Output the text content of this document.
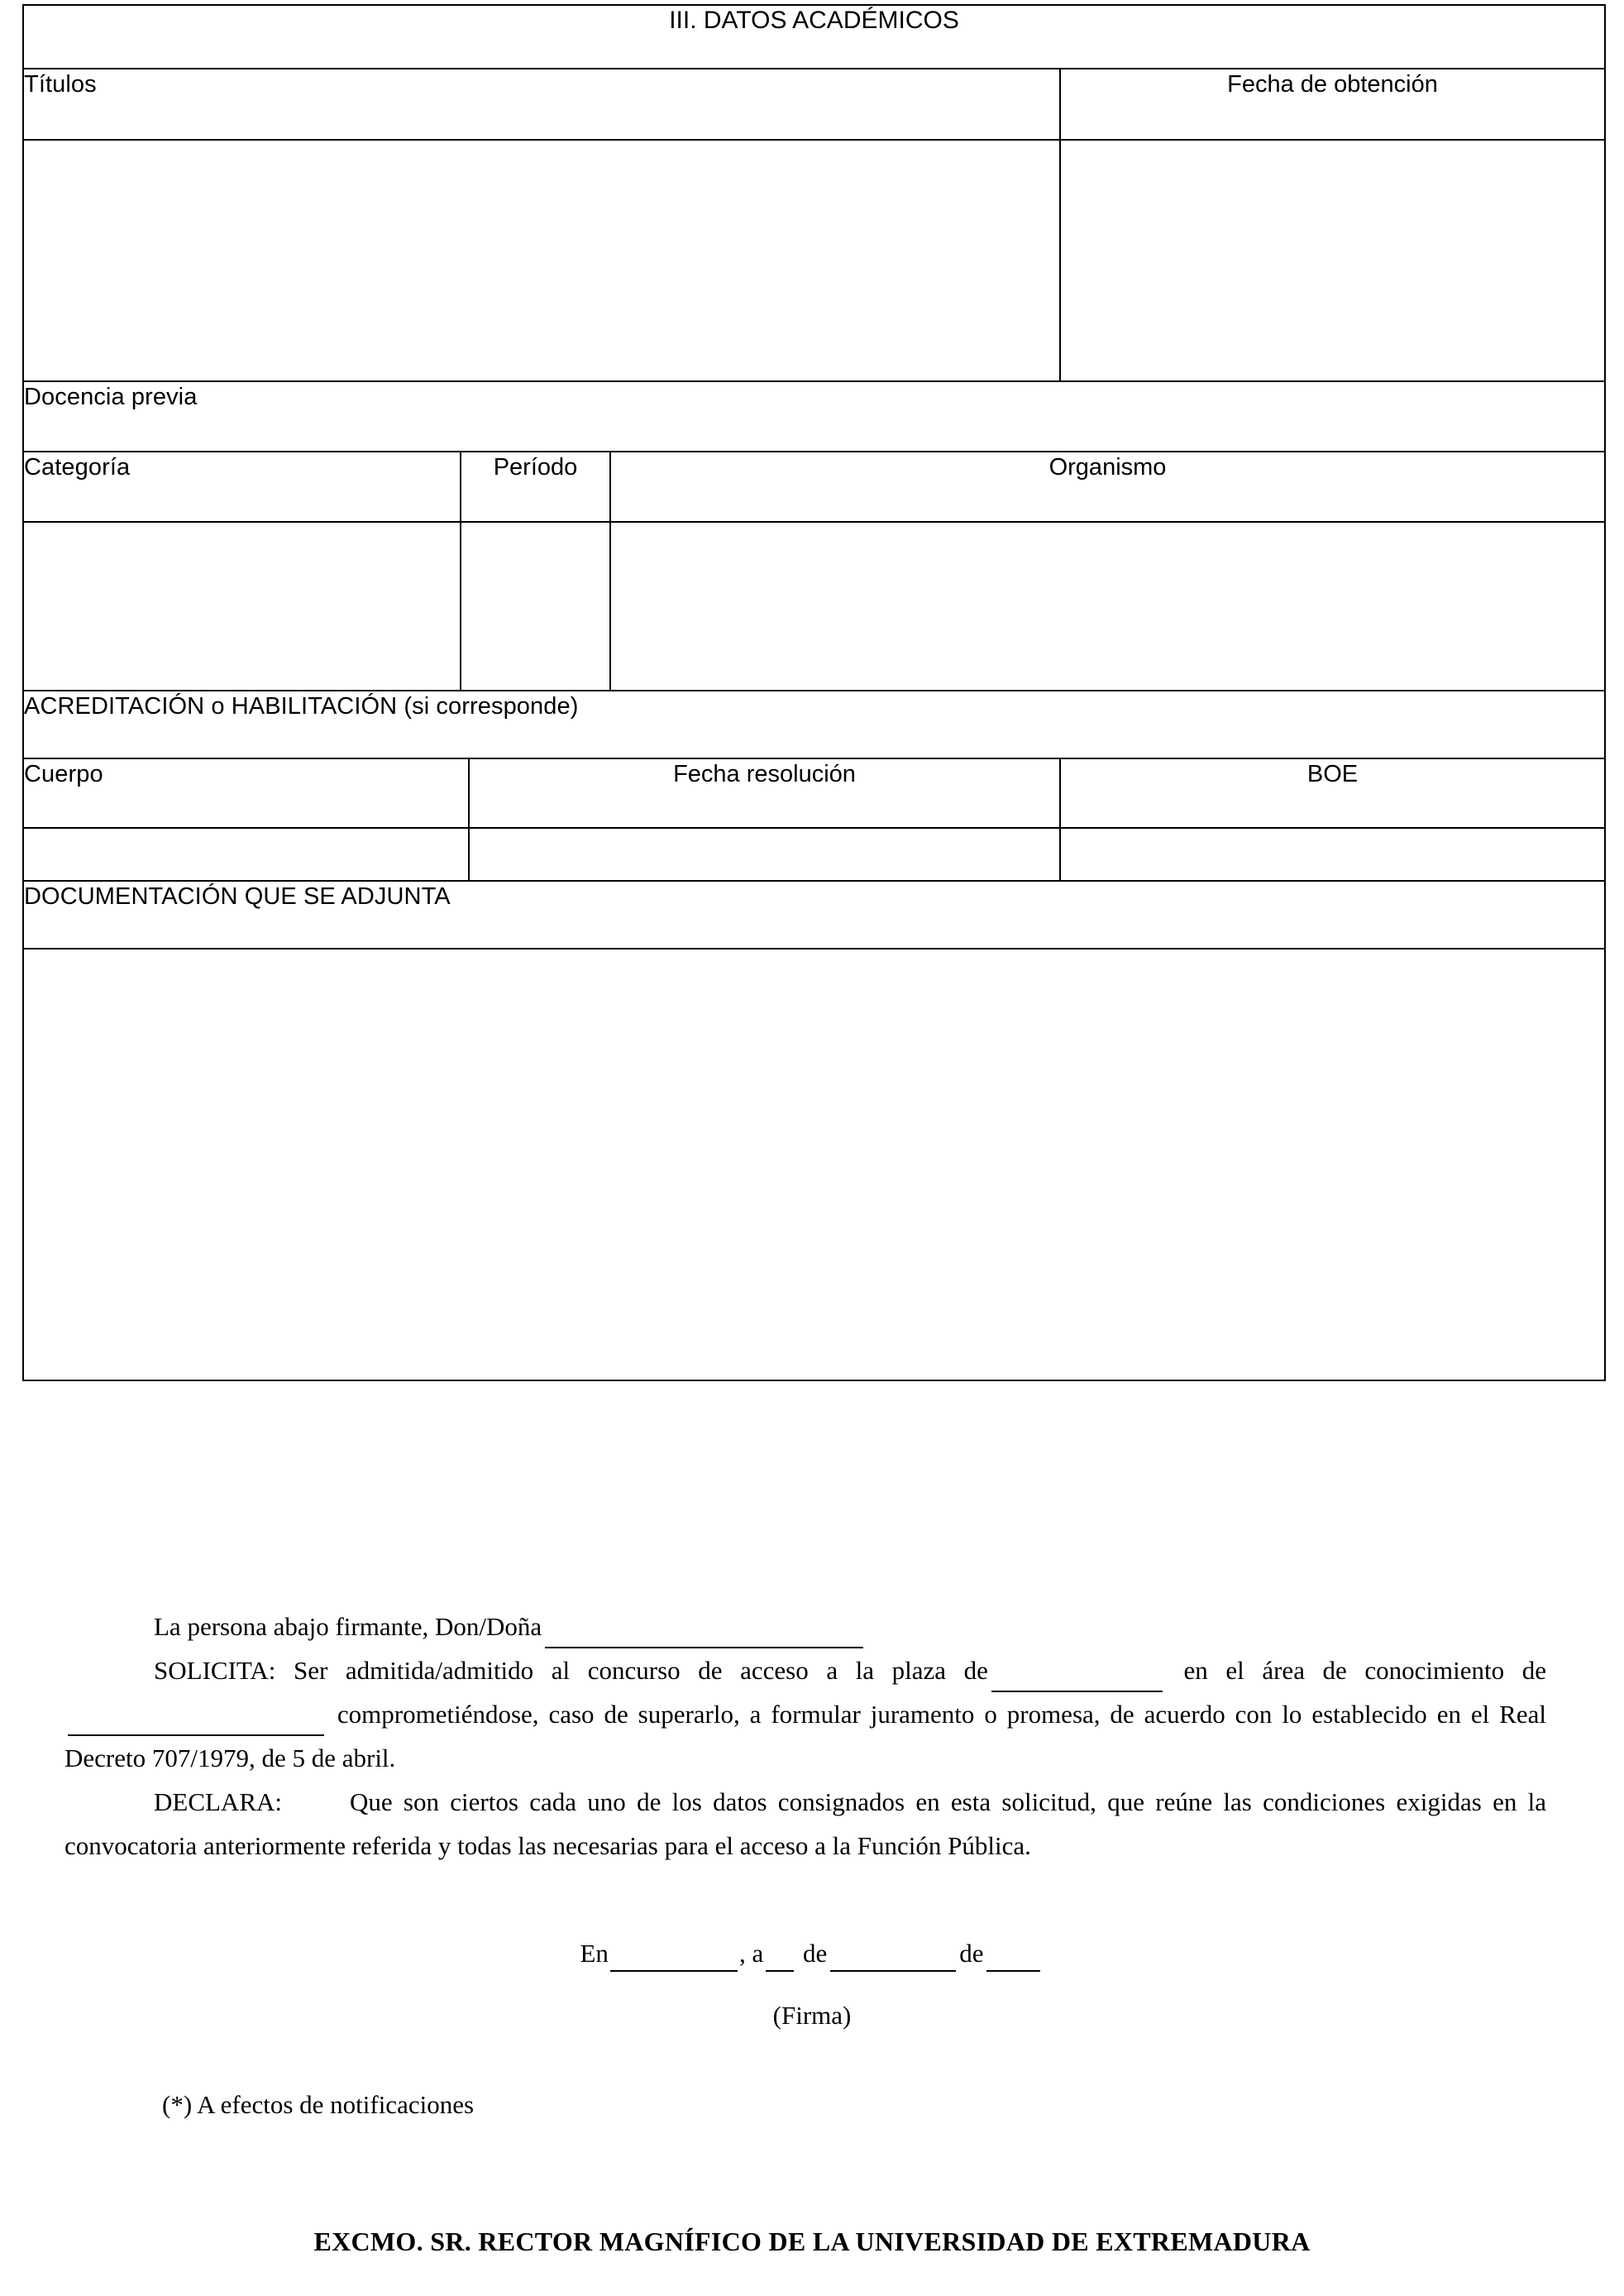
III. DATOS ACADÉMICOS				
Títulos				Fecha de obtención

Docencia previa				
Categoría	Período		Organismo	

ACREDITACIÓN o HABILITACIÓN (si corresponde)				
Cuerpo		Fecha resolución		BOE

DOCUMENTACIÓN QUE SE ADJUNTA				

La persona abajo firmante, Don/Doña

SOLICITA: Ser admitida/admitido al concurso de acceso a la plaza de	en el área de conocimiento de comprometiéndose, caso de superarlo, a formular juramento o promesa, de acuerdo con lo establecido en el Real Decreto 707/1979, de 5 de abril.

DECLARA:	Que son ciertos cada uno de los datos consignados en esta solicitud, que reúne las condiciones exigidas en la convocatoria anteriormente referida y todas las necesarias para el acceso a la Función Pública.

En	, a de	de
(Firma)
(*) A efectos de notificaciones
EXCMO. SR. RECTOR MAGNÍFICO DE LA UNIVERSIDAD DE EXTREMADURA
